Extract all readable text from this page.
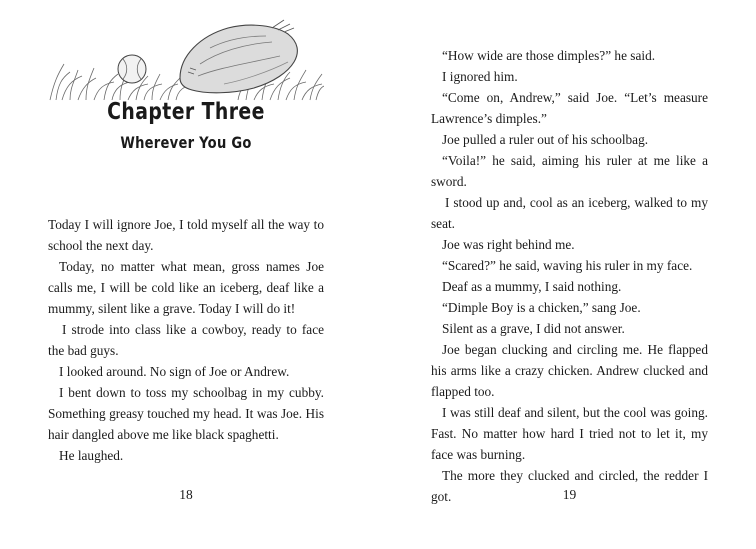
Chapter Three
Wherever You Go

Today I will ignore Joe, I told myself all the way to school the next day.

Today, no matter what mean, gross names Joe calls me, I will be cold like an iceberg, deaf like a mummy, silent like a grave. Today I will do it!

I strode into class like a cowboy, ready to face the bad guys.

I looked around. No sign of Joe or Andrew.

I bent down to toss my schoolbag in my cubby. Something greasy touched my head. It was Joe. His hair dangled above me like black spaghetti.

He laughed.

“How wide are those dimples?” he said.

I ignored him.

“Come on, Andrew,” said Joe. “Let’s measure Lawrence’s dimples.”

Joe pulled a ruler out of his schoolbag.

“Voila!” he said, aiming his ruler at me like a sword.

I stood up and, cool as an iceberg, walked to my seat.

Joe was right behind me.

“Scared?” he said, waving his ruler in my face.

Deaf as a mummy, I said nothing.

“Dimple Boy is a chicken,” sang Joe.

Silent as a grave, I did not answer.

Joe began clucking and circling me. He flapped his arms like a crazy chicken. Andrew clucked and flapped too.

I was still deaf and silent, but the cool was going. Fast. No matter how hard I tried not to let it, my face was burning.

The more they clucked and circled, the redder I got.

18	19
